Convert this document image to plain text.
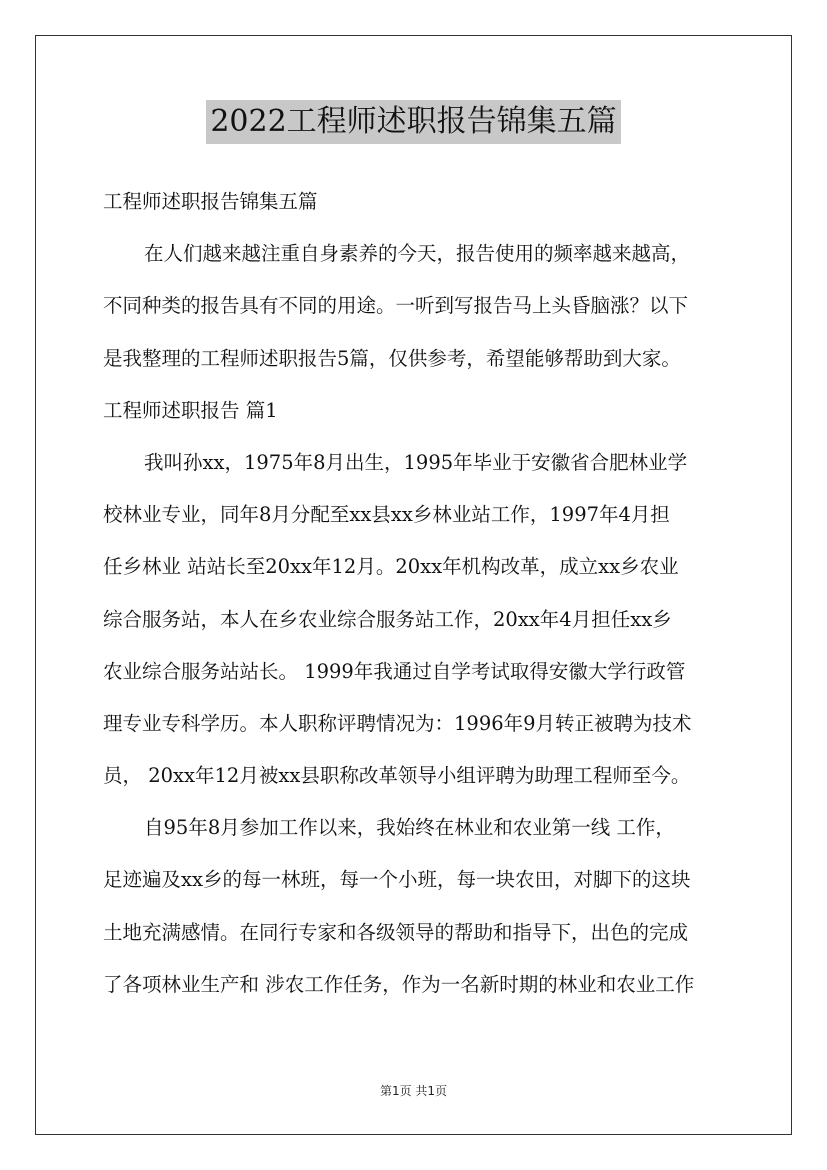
2022工程师述职报告锦集五篇
工程师述职报告锦集五篇
在人们越来越注重自身素养的今天，报告使用的频率越来越高，
不同种类的报告具有不同的用途。一听到写报告马上头昏脑涨？以下
是我整理的工程师述职报告5篇，仅供参考，希望能够帮助到大家。
工程师述职报告 篇1
我叫孙xx，1975年8月出生，1995年毕业于安徽省合肥林业学
校林业专业，同年8月分配至xx县xx乡林业站工作，1997年4月担
任乡林业 站站长至20xx年12月。20xx年机构改革，成立xx乡农业
综合服务站，本人在乡农业综合服务站工作，20xx年4月担任xx乡
农业综合服务站站长。 1999年我通过自学考试取得安徽大学行政管
理专业专科学历。本人职称评聘情况为：1996年9月转正被聘为技术
员， 20xx年12月被xx县职称改革领导小组评聘为助理工程师至今。
自95年8月参加工作以来，我始终在林业和农业第一线 工作，
足迹遍及xx乡的每一林班，每一个小班，每一块农田，对脚下的这块
土地充满感情。在同行专家和各级领导的帮助和指导下，出色的完成
了各项林业生产和 涉农工作任务，作为一名新时期的林业和农业工作
第1页 共1页
